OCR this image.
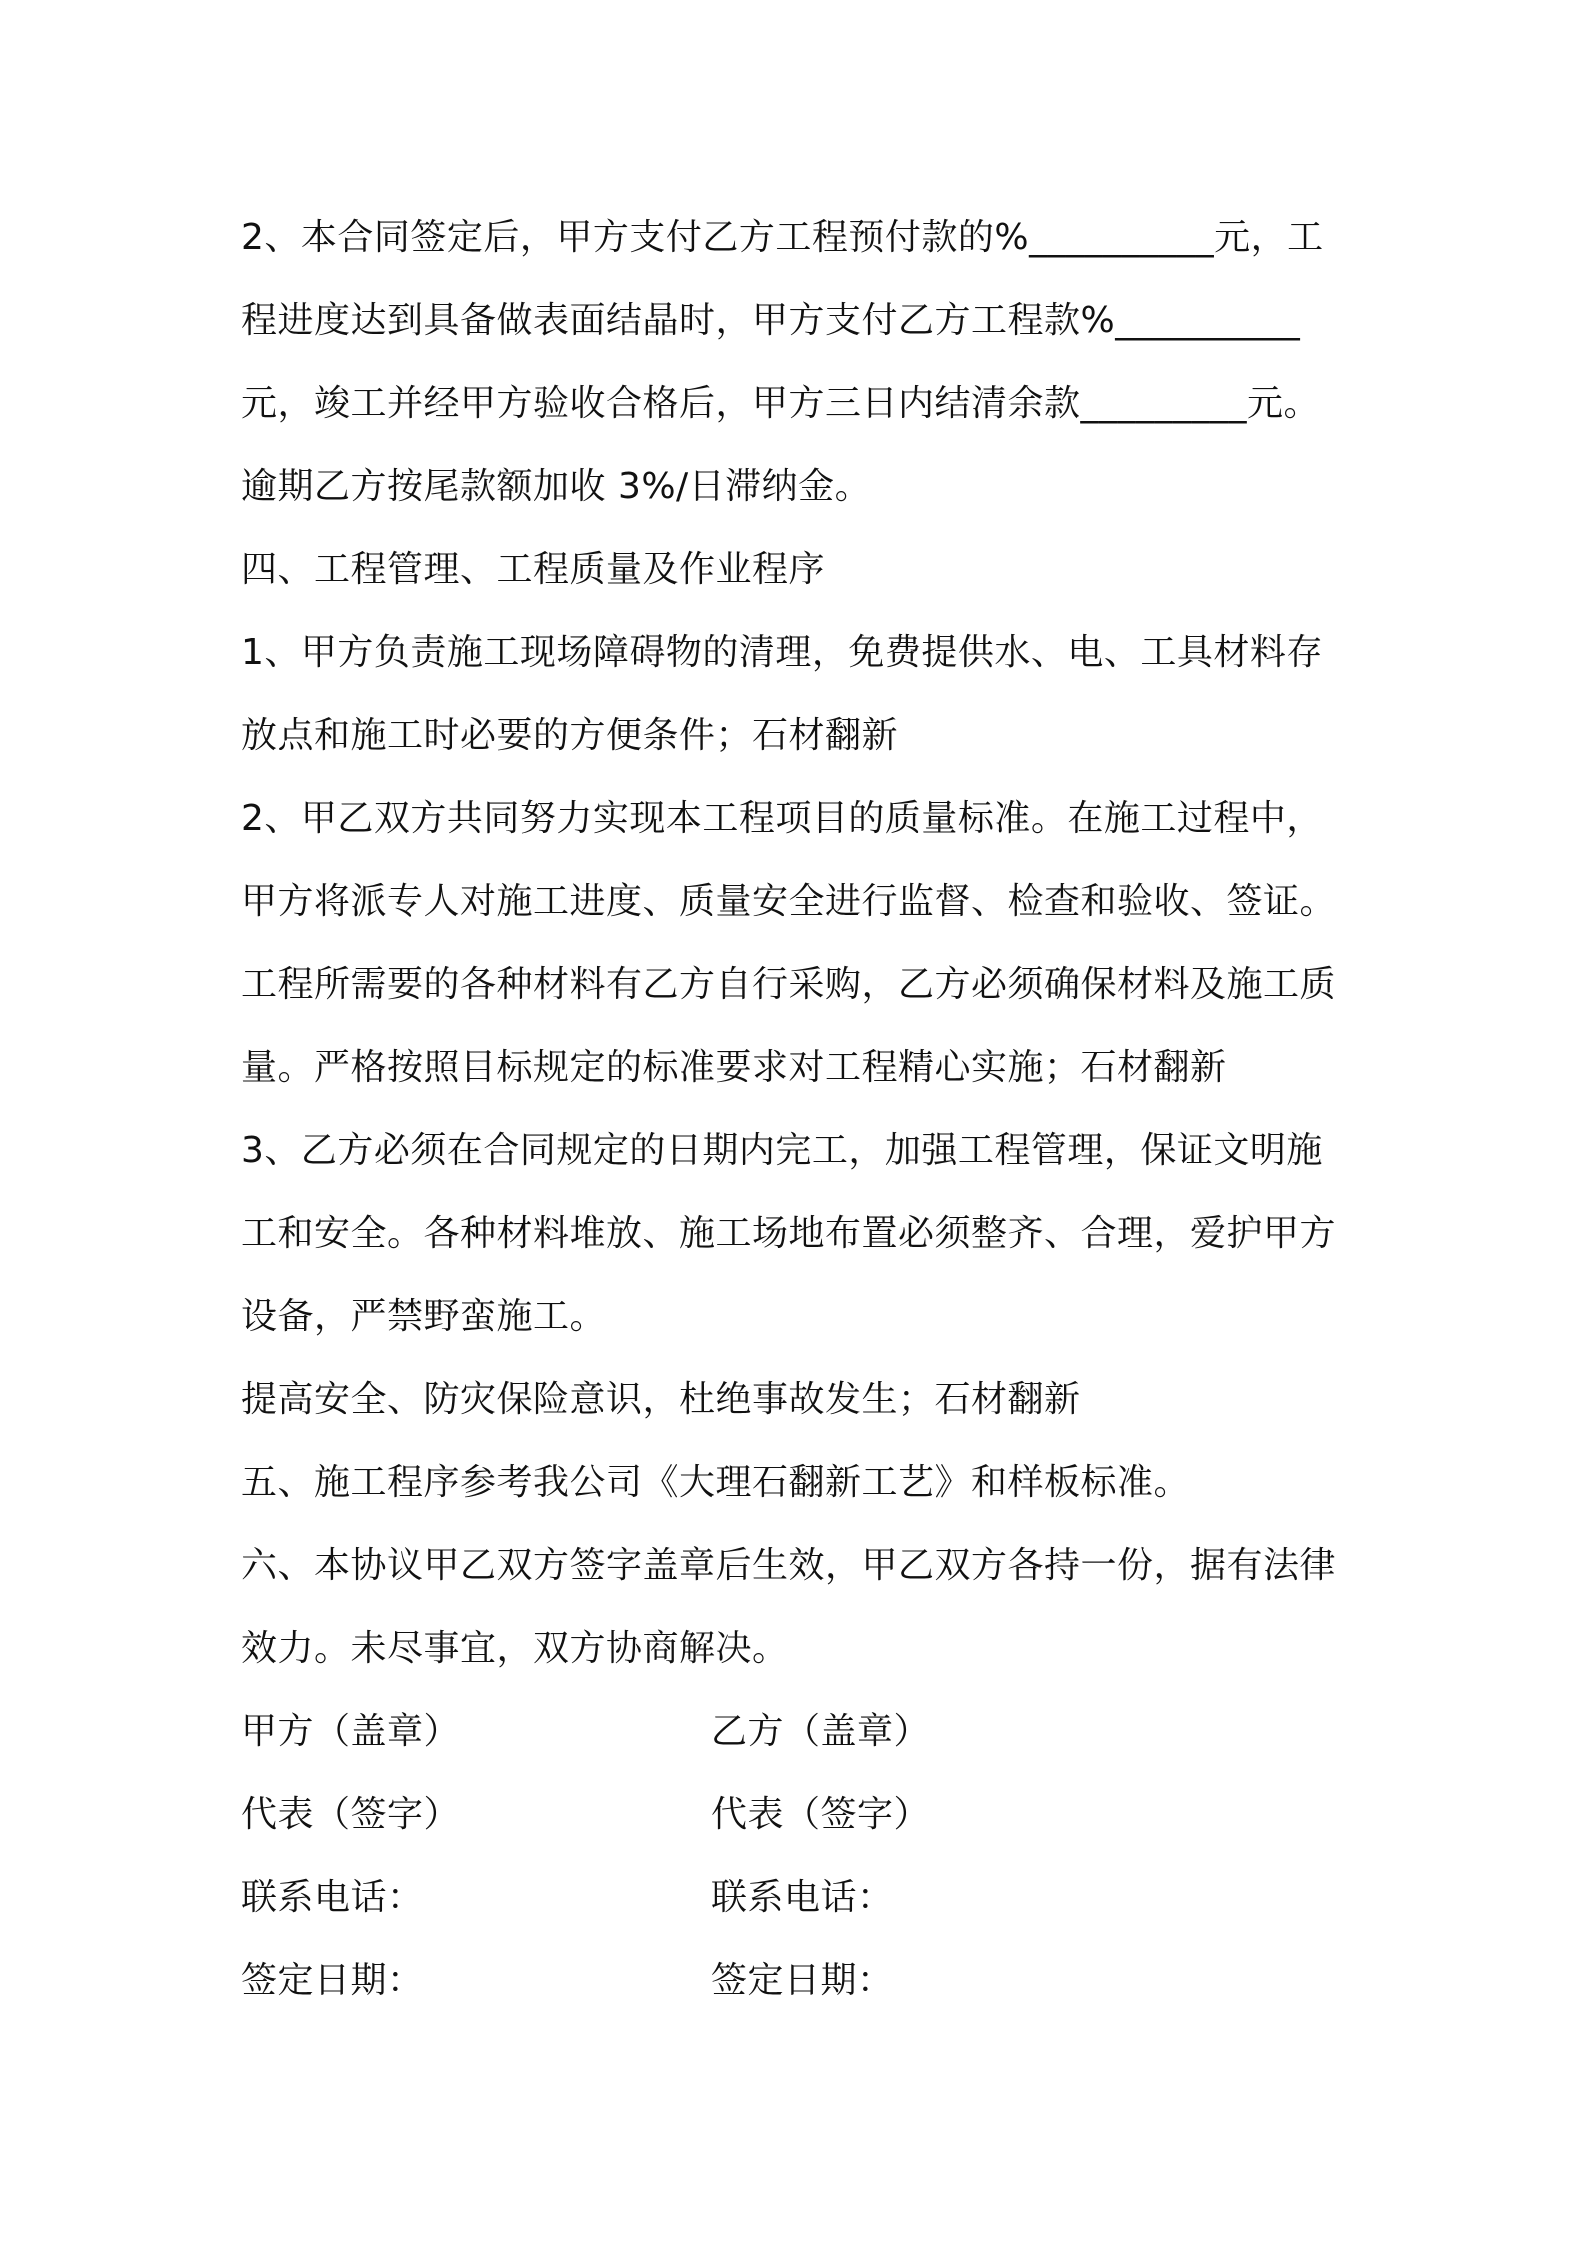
2、本合同签定后，甲方支付乙方工程预付款的%__________元，工程进度达到具备做表面结晶时，甲方支付乙方工程款%__________元，竣工并经甲方验收合格后，甲方三日内结清余款_________元。

逾期乙方按尾款额加收 3%/日滞纳金。

四、工程管理、工程质量及作业程序

1、甲方负责施工现场障碍物的清理，免费提供水、电、工具材料存放点和施工时必要的方便条件；石材翻新

2、甲乙双方共同努力实现本工程项目的质量标准。在施工过程中，甲方将派专人对施工进度、质量安全进行监督、检查和验收、签证。工程所需要的各种材料有乙方自行采购，乙方必须确保材料及施工质量。严格按照目标规定的标准要求对工程精心实施；石材翻新

3、乙方必须在合同规定的日期内完工，加强工程管理，保证文明施工和安全。各种材料堆放、施工场地布置必须整齐、合理，爱护甲方设备，严禁野蛮施工。

提高安全、防灾保险意识，杜绝事故发生；石材翻新

五、施工程序参考我公司《大理石翻新工艺》和样板标准。

六、本协议甲乙双方签字盖章后生效，甲乙双方各持一份，据有法律效力。未尽事宜，双方协商解决。

甲方（盖章）	乙方（盖章）
代表（签字）	代表（签字）
联系电话：	联系电话：
签定日期：	签定日期：
